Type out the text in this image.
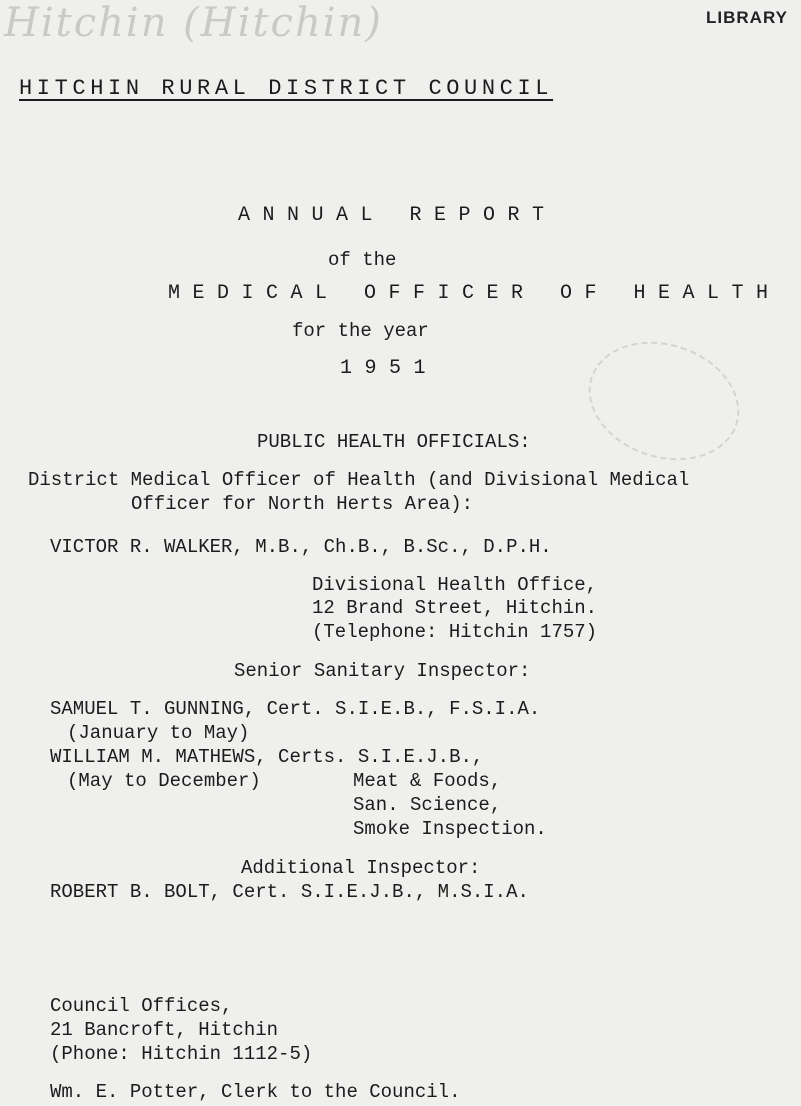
Hitchin (Hitchin)	LIBRARY
HITCHIN RURAL DISTRICT COUNCIL
ANNUAL REPORT
of the
MEDICAL OFFICER OF HEALTH
for the year
1951
PUBLIC HEALTH OFFICIALS:
District Medical Officer of Health (and Divisional Medical
Officer for North Herts Area):
VICTOR R. WALKER, M.B., Ch.B., B.Sc., D.P.H.
Divisional Health Office,
12 Brand Street, Hitchin.
(Telephone: Hitchin 1757)
Senior Sanitary Inspector:
SAMUEL T. GUNNING, Cert. S.I.E.B., F.S.I.A.
(January to May)
WILLIAM M. MATHEWS, Certs. S.I.E.J.B.,
(May to December)	Meat & Foods,
San. Science,
Smoke Inspection.
Additional Inspector:
ROBERT B. BOLT, Cert. S.I.E.J.B., M.S.I.A.
Council Offices,
21 Bancroft, Hitchin
(Phone: Hitchin 1112-5)
Wm. E. Potter, Clerk to the Council.
